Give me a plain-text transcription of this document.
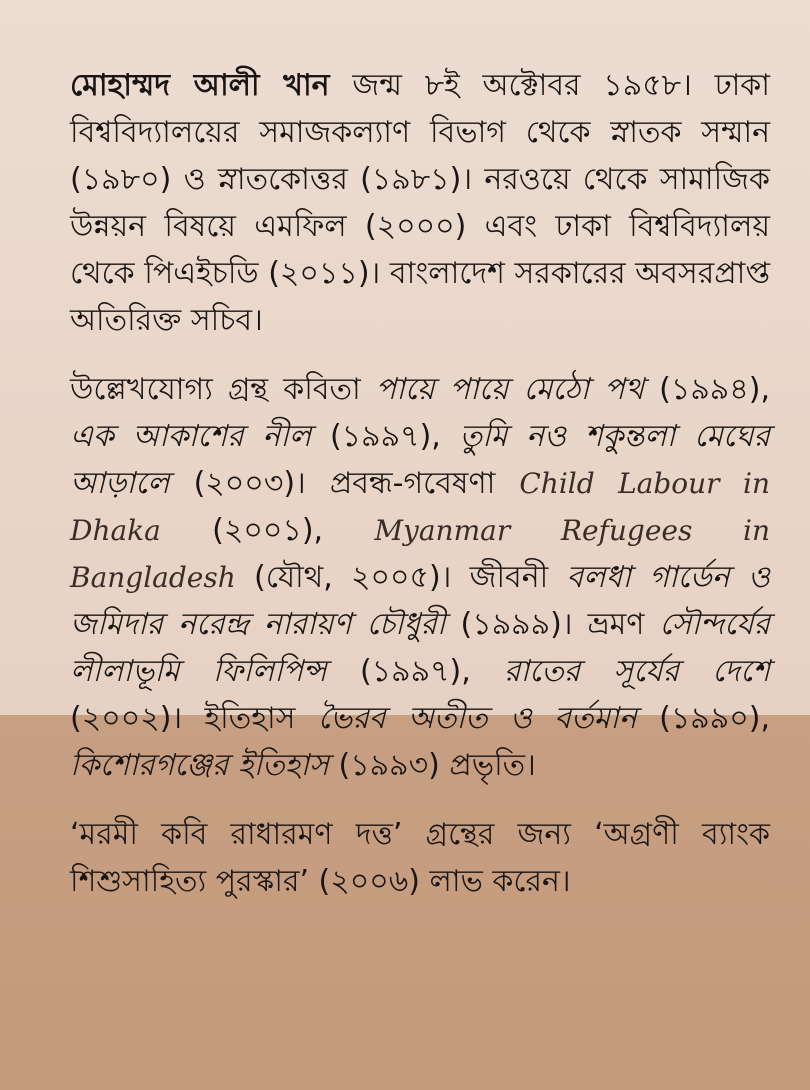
মোহাম্মদ আলী খান জন্ম ৮ই অক্টোবর ১৯৫৮। ঢাকা বিশ্ববিদ্যালয়ের সমাজকল্যাণ বিভাগ থেকে স্নাতক সম্মান (১৯৮০) ও স্নাতকোত্তর (১৯৮১)। নরওয়ে থেকে সামাজিক উন্নয়ন বিষয়ে এমফিল (২০০০) এবং ঢাকা বিশ্ববিদ্যালয় থেকে পিএইচডি (২০১১)। বাংলাদেশ সরকারের অবসরপ্রাপ্ত অতিরিক্ত সচিব।

উল্লেখযোগ্য গ্রন্থ কবিতা পায়ে পায়ে মেঠো পথ (১৯৯৪), এক আকাশের নীল (১৯৯৭), তুমি নও শকুন্তলা মেঘের আড়ালে (২০০৩)। প্রবন্ধ-গবেষণা Child Labour in Dhaka (২০০১), Myanmar Refugees in Bangladesh (যৌথ, ২০০৫)। জীবনী বলধা গার্ডেন ও জমিদার নরেন্দ্র নারায়ণ চৌধুরী (১৯৯৯)। ভ্রমণ সৌন্দর্যের লীলাভূমি ফিলিপিন্স (১৯৯৭), রাতের সূর্যের দেশে (২০০২)। ইতিহাস ভৈরব অতীত ও বর্তমান (১৯৯০), কিশোরগঞ্জের ইতিহাস (১৯৯৩) প্রভৃতি।

‘মরমী কবি রাধারমণ দত্ত’ গ্রন্থের জন্য ‘অগ্রণী ব্যাংক শিশুসাহিত্য পুরস্কার’ (২০০৬) লাভ করেন।
